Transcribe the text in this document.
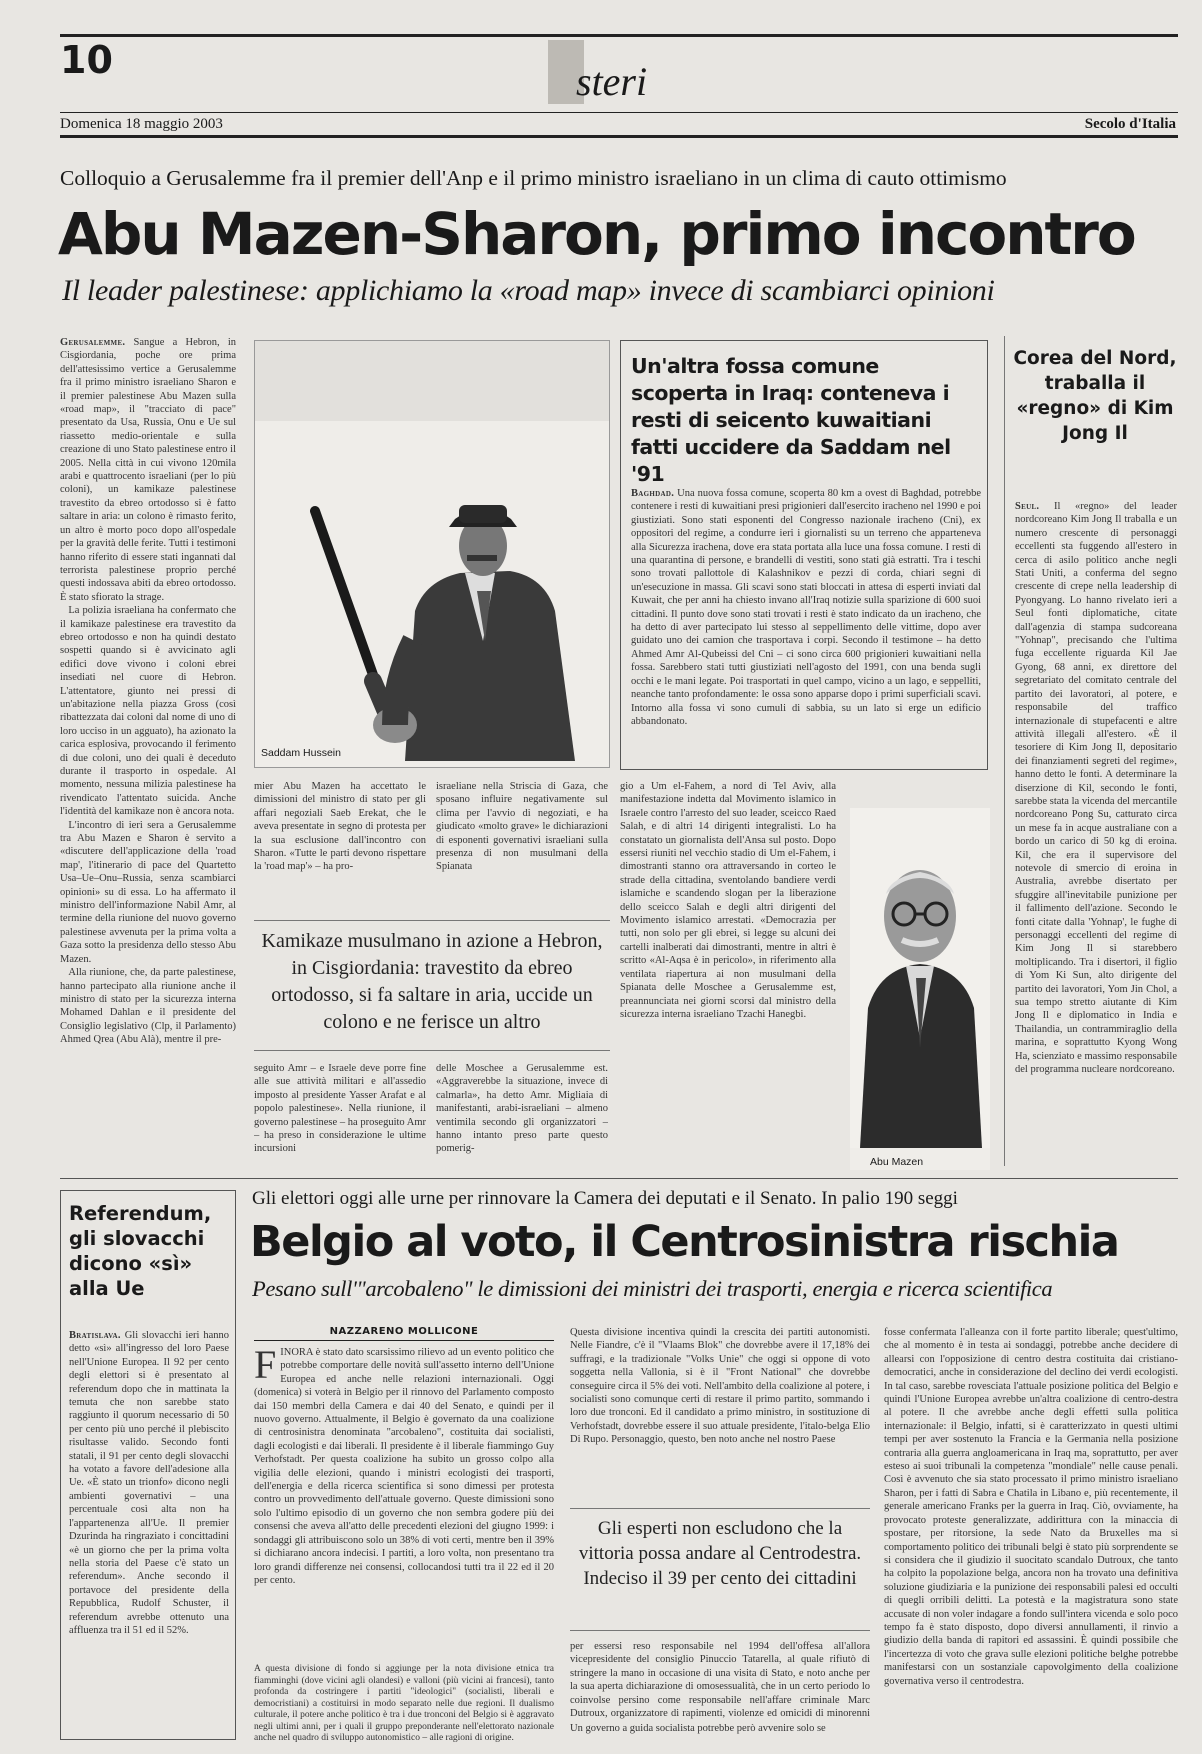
10	Esteri
Domenica 18 maggio 2003	Secolo d'Italia
Colloquio a Gerusalemme fra il premier dell'Anp e il primo ministro israeliano in un clima di cauto ottimismo
Abu Mazen-Sharon, primo incontro
Il leader palestinese: applichiamo la «road map» invece di scambiarci opinioni

Gerusalemme. Sangue a Hebron, in Cisgiordania, poche ore prima dell'attesissimo vertice a Gerusalemme fra il primo ministro israeliano Sharon e il premier palestinese Abu Mazen sulla «road map», il "tracciato di pace" presentato da Usa, Russia, Onu e Ue sul riassetto medio-orientale e sulla creazione di uno Stato palestinese entro il 2005. Nella città in cui vivono 120mila arabi e quattrocento israeliani (per lo più coloni), un kamikaze palestinese travestito da ebreo ortodosso si è fatto saltare in aria: un colono è rimasto ferito, un altro è morto poco dopo all'ospedale per la gravità delle ferite. Tutti i testimoni hanno riferito di essere stati ingannati dal terrorista palestinese proprio perché questi indossava abiti da ebreo ortodosso. È stato sfiorato la strage.

La polizia israeliana ha confermato che il kamikaze palestinese era travestito da ebreo ortodosso e non ha quindi destato sospetti quando si è avvicinato agli edifici dove vivono i coloni ebrei insediati nel cuore di Hebron. L'attentatore, giunto nei pressi di un'abitazione nella piazza Gross (così ribattezzata dai coloni dal nome di uno di loro ucciso in un agguato), ha azionato la carica esplosiva, provocando il ferimento di due coloni, uno dei quali è deceduto durante il trasporto in ospedale. Al momento, nessuna milizia palestinese ha rivendicato l'attentato suicida. Anche l'identità del kamikaze non è ancora nota.

L'incontro di ieri sera a Gerusalemme tra Abu Mazen e Sharon è servito a «discutere dell'applicazione della 'road map', l'itinerario di pace del Quartetto Usa–Ue–Onu–Russia, senza scambiarci opinioni» su di essa. Lo ha affermato il ministro dell'informazione Nabil Amr, al termine della riunione del nuovo governo palestinese avvenuta per la prima volta a Gaza sotto la presidenza dello stesso Abu Mazen.

Alla riunione, che, da parte palestinese, hanno partecipato alla riunione anche il ministro di stato per la sicurezza interna Mohamed Dahlan e il presidente del Consiglio legislativo (Clp, il Parlamento) Ahmed Qrea (Abu Alà), mentre il pre-

Saddam Hussein
Un'altra fossa comune scoperta in Iraq: conteneva i resti di seicento kuwaitiani fatti uccidere da Saddam nel '91

Baghdad. Una nuova fossa comune, scoperta 80 km a ovest di Baghdad, potrebbe contenere i resti di kuwaitiani presi prigionieri dall'esercito iracheno nel 1990 e poi giustiziati. Sono stati esponenti del Congresso nazionale iracheno (Cni), ex oppositori del regime, a condurre ieri i giornalisti su un terreno che apparteneva alla Sicurezza irachena, dove era stata portata alla luce una fossa comune. I resti di una quarantina di persone, e brandelli di vestiti, sono stati già estratti. Tra i teschi sono trovati pallottole di Kalashnikov e pezzi di corda, chiari segni di un'esecuzione in massa. Gli scavi sono stati bloccati in attesa di esperti inviati dal Kuwait, che per anni ha chiesto invano all'Iraq notizie sulla sparizione di 600 suoi cittadini. Il punto dove sono stati trovati i resti è stato indicato da un iracheno, che ha detto di aver partecipato lui stesso al seppellimento delle vittime, dopo aver guidato uno dei camion che trasportava i corpi. Secondo il testimone – ha detto Ahmed Amr Al-Qubeissi del Cni – ci sono circa 600 prigionieri kuwaitiani nella fossa. Sarebbero stati tutti giustiziati nell'agosto del 1991, con una benda sugli occhi e le mani legate. Poi trasportati in quel campo, vicino a un lago, e seppelliti, neanche tanto profondamente: le ossa sono apparse dopo i primi superficiali scavi. Intorno alla fossa vi sono cumuli di sabbia, su un lato si erge un edificio abbandonato.

Corea del Nord, traballa il «regno» di Kim Jong Il

Seul. Il «regno» del leader nordcoreano Kim Jong Il traballa e un numero crescente di personaggi eccellenti sta fuggendo all'estero in cerca di asilo politico anche negli Stati Uniti, a conferma del segno crescente di crepe nella leadership di Pyongyang. Lo hanno rivelato ieri a Seul fonti diplomatiche, citate dall'agenzia di stampa sudcoreana "Yohnap", precisando che l'ultima fuga eccellente riguarda Kil Jae Gyong, 68 anni, ex direttore del segretariato del comitato centrale del partito dei lavoratori, al potere, e responsabile del traffico internazionale di stupefacenti e altre attività illegali all'estero. «È il tesoriere di Kim Jong Il, depositario dei finanziamenti segreti del regime», hanno detto le fonti. A determinare la diserzione di Kil, secondo le fonti, sarebbe stata la vicenda del mercantile nordcoreano Pong Su, catturato circa un mese fa in acque australiane con a bordo un carico di 50 kg di eroina. Kil, che era il supervisore del notevole di smercio di eroina in Australia, avrebbe disertato per sfuggire all'inevitabile punizione per il fallimento dell'azione. Secondo le fonti citate dalla 'Yohnap', le fughe di personaggi eccellenti del regime di Kim Jong Il si starebbero moltiplicando. Tra i disertori, il figlio di Yom Ki Sun, alto dirigente del partito dei lavoratori, Yom Jin Chol, a sua tempo stretto aiutante di Kim Jong Il e diplomatico in India e Thailandia, un contrammiraglio della marina, e soprattutto Kyong Wong Ha, scienziato e massimo responsabile del programma nucleare nordcoreano.

mier Abu Mazen ha accettato le dimissioni del ministro di stato per gli affari negoziali Saeb Erekat, che le aveva presentate in segno di protesta per la sua esclusione dall'incontro con Sharon. «Tutte le parti devono rispettare la 'road map'» – ha pro-
israeliane nella Striscia di Gaza, che sposano influire negativamente sul clima per l'avvio di negoziati, e ha giudicato «molto grave» le dichiarazioni di esponenti governativi israeliani sulla presenza di non musulmani della Spianata
Kamikaze musulmano in azione a Hebron, in Cisgiordania: travestito da ebreo ortodosso, si fa saltare in aria, uccide un colono e ne ferisce un altro
seguito Amr – e Israele deve porre fine alle sue attività militari e all'assedio imposto al presidente Yasser Arafat e al popolo palestinese». Nella riunione, il governo palestinese – ha proseguito Amr – ha preso in considerazione le ultime incursioni
delle Moschee a Gerusalemme est. «Aggraverebbe la situazione, invece di calmarla», ha detto Amr. Migliaia di manifestanti, arabi-israeliani – almeno ventimila secondo gli organizzatori – hanno intanto preso parte questo pomerig-
gio a Um el-Fahem, a nord di Tel Aviv, alla manifestazione indetta dal Movimento islamico in Israele contro l'arresto del suo leader, sceicco Raed Salah, e di altri 14 dirigenti integralisti. Lo ha constatato un giornalista dell'Ansa sul posto. Dopo essersi riuniti nel vecchio stadio di Um el-Fahem, i dimostranti stanno ora attraversando in corteo le strade della cittadina, sventolando bandiere verdi islamiche e scandendo slogan per la liberazione dello sceicco Salah e degli altri dirigenti del Movimento islamico arrestati. «Democrazia per tutti, non solo per gli ebrei, si legge su alcuni dei cartelli inalberati dai dimostranti, mentre in altri è scritto «Al-Aqsa è in pericolo», in riferimento alla ventilata riapertura ai non musulmani della Spianata delle Moschee a Gerusalemme est, preannunciata nei giorni scorsi dal ministro della sicurezza interna israeliano Tzachi Hanegbi.
Abu Mazen
Referendum, gli slovacchi dicono «sì» alla Ue

Bratislava. Gli slovacchi ieri hanno detto «sì» all'ingresso del loro Paese nell'Unione Europea. Il 92 per cento degli elettori si è presentato al referendum dopo che in mattinata la temuta che non sarebbe stato raggiunto il quorum necessario di 50 per cento più uno perché il plebiscito risultasse valido. Secondo fonti statali, il 91 per cento degli slovacchi ha votato a favore dell'adesione alla Ue. «È stato un trionfo» dicono negli ambienti governativi – una percentuale così alta non ha l'appartenenza all'Ue. Il premier Dzurinda ha ringraziato i concittadini «è un giorno che per la prima volta nella storia del Paese c'è stato un referendum». Anche secondo il portavoce del presidente della Repubblica, Rudolf Schuster, il referendum avrebbe ottenuto una affluenza tra il 51 ed il 52%.

Gli elettori oggi alle urne per rinnovare la Camera dei deputati e il Senato. In palio 190 seggi
Belgio al voto, il Centrosinistra rischia
Pesano sull'"arcobaleno" le dimissioni dei ministri dei trasporti, energia e ricerca scientifica
NAZZARENO MOLLICONE

FINORA è stato dato scarsissimo rilievo ad un evento politico che potrebbe comportare delle novità sull'assetto interno dell'Unione Europea ed anche nelle relazioni internazionali. Oggi (domenica) si voterà in Belgio per il rinnovo del Parlamento composto dai 150 membri della Camera e dai 40 del Senato, e quindi per il nuovo governo. Attualmente, il Belgio è governato da una coalizione di centrosinistra denominata "arcobaleno", costituita dai socialisti, dagli ecologisti e dai liberali. Il presidente è il liberale fiammingo Guy Verhofstadt. Per questa coalizione ha subito un grosso colpo alla vigilia delle elezioni, quando i ministri ecologisti dei trasporti, dell'energia e della ricerca scientifica si sono dimessi per protesta contro un provvedimento dell'attuale governo. Queste dimissioni sono solo l'ultimo episodio di un governo che non sembra godere più dei consensi che aveva all'atto delle precedenti elezioni del giugno 1999: i sondaggi gli attribuiscono solo un 38% di voti certi, mentre ben il 39% si dichiarano ancora indecisi. I partiti, a loro volta, non presentano tra loro grandi differenze nei consensi, collocandosi tutti tra il 22 ed il 20 per cento.

A questa divisione di fondo si aggiunge per la nota divisione etnica tra fiamminghi (dove vicini agli olandesi) e valloni (più vicini ai francesi), tanto profonda da costringere i partiti "ideologici" (socialisti, liberali e democristiani) a costituirsi in modo separato nelle due regioni. Il dualismo culturale, il potere anche politico è tra i due tronconi del Belgio si è aggravato negli ultimi anni, per i quali il gruppo preponderante nell'elettorato nazionale anche nel quadro di sviluppo autonomistico – alle ragioni di origine.
Questa divisione incentiva quindi la crescita dei partiti autonomisti. Nelle Fiandre, c'è il "Vlaams Blok" che dovrebbe avere il 17,18% dei suffragi, e la tradizionale "Volks Unie" che oggi si oppone di voto soggetta nella Vallonia, si è il "Front National" che dovrebbe conseguire circa il 5% dei voti. Nell'ambito della coalizione al potere, i socialisti sono comunque certi di restare il primo partito, sommando i loro due tronconi. Ed il candidato a primo ministro, in sostituzione di Verhofstadt, dovrebbe essere il suo attuale presidente, l'italo-belga Elio Di Rupo. Personaggio, questo, ben noto anche nel nostro Paese
Gli esperti non escludono che la vittoria possa andare al Centrodestra. Indeciso il 39 per cento dei cittadini
per essersi reso responsabile nel 1994 dell'offesa all'allora vicepresidente del consiglio Pinuccio Tatarella, al quale rifiutò di stringere la mano in occasione di una visita di Stato, e noto anche per la sua aperta dichiarazione di omosessualità, che in un certo periodo lo coinvolse persino come responsabile nell'affare criminale Marc Dutroux, organizzatore di rapimenti, violenze ed omicidi di minorenni
Un governo a guida socialista potrebbe però avvenire solo se
fosse confermata l'alleanza con il forte partito liberale; quest'ultimo, che al momento è in testa ai sondaggi, potrebbe anche decidere di allearsi con l'opposizione di centro destra costituita dai cristiano-democratici, anche in considerazione del declino dei verdi ecologisti. In tal caso, sarebbe rovesciata l'attuale posizione politica del Belgio e quindi l'Unione Europea avrebbe un'altra coalizione di centro-destra al potere. Il che avrebbe anche degli effetti sulla politica internazionale: il Belgio, infatti, si è caratterizzato in questi ultimi tempi per aver sostenuto la Francia e la Germania nella posizione contraria alla guerra angloamericana in Iraq ma, soprattutto, per aver esteso ai suoi tribunali la competenza "mondiale" nelle cause penali. Così è avvenuto che sia stato processato il primo ministro israeliano Sharon, per i fatti di Sabra e Chatila in Libano e, più recentemente, il generale americano Franks per la guerra in Iraq. Ciò, ovviamente, ha provocato proteste generalizzate, addirittura con la minaccia di spostare, per ritorsione, la sede Nato da Bruxelles ma si comportamento politico dei tribunali belgi è stato più sorprendente se si considera che il giudizio il suocitato scandalo Dutroux, che tanto ha colpito la popolazione belga, ancora non ha trovato una definitiva soluzione giudiziaria e la punizione dei responsabili palesi ed occulti di quegli orribili delitti. La potestà e la magistratura sono state accusate di non voler indagare a fondo sull'intera vicenda e solo poco tempo fa è stato disposto, dopo diversi annullamenti, il rinvio a giudizio della banda di rapitori ed assassini. È quindi possibile che l'incertezza di voto che grava sulle elezioni politiche belghe potrebbe manifestarsi con un sostanziale capovolgimento della coalizione governativa verso il centrodestra.
